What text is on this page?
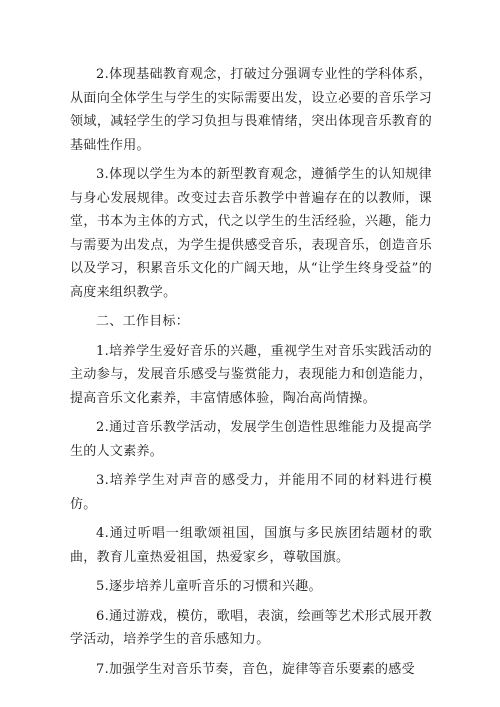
2.体现基础教育观念，打破过分强调专业性的学科体系，从面向全体学生与学生的实际需要出发，设立必要的音乐学习领域，减轻学生的学习负担与畏难情绪，突出体现音乐教育的基础性作用。

3.体现以学生为本的新型教育观念，遵循学生的认知规律与身心发展规律。改变过去音乐教学中普遍存在的以教师，课堂，书本为主体的方式，代之以学生的生活经验，兴趣，能力与需要为出发点，为学生提供感受音乐，表现音乐，创造音乐以及学习，积累音乐文化的广阔天地，从“让学生终身受益”的高度来组织教学。

二、工作目标：

1.培养学生爱好音乐的兴趣，重视学生对音乐实践活动的主动参与，发展音乐感受与鉴赏能力，表现能力和创造能力，提高音乐文化素养，丰富情感体验，陶冶高尚情操。

2.通过音乐教学活动，发展学生创造性思维能力及提高学生的人文素养。

3.培养学生对声音的感受力，并能用不同的材料进行模仿。

4.通过听唱一组歌颂祖国，国旗与多民族团结题材的歌曲，教育儿童热爱祖国，热爱家乡，尊敬国旗。

5.逐步培养儿童听音乐的习惯和兴趣。

6.通过游戏，模仿，歌唱，表演，绘画等艺术形式展开教学活动，培养学生的音乐感知力。

7.加强学生对音乐节奏，音色，旋律等音乐要素的感受
